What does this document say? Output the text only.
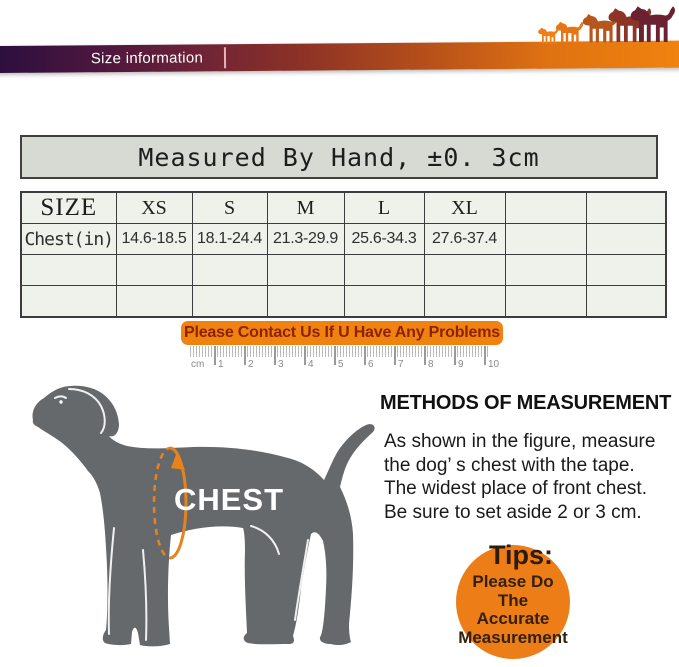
Size information
Measured By Hand, ±0. 3cm
SIZE	XS	S	M	L	XL		
Chest(in)	14.6-18.5	18.1-24.4	21.3-29.9	25.6-34.3	27.6-37.4		

Please Contact Us If U Have Any Problems
cm 1 2 3 4 5 6 7 8 9 10
CHEST
METHODS OF MEASUREMENT
As shown in the figure, measure
the dog’ s chest with the tape.
The widest place of front chest.
Be sure to set aside 2 or 3 cm.
Tips:
Please Do
The
Accurate
Measurement
